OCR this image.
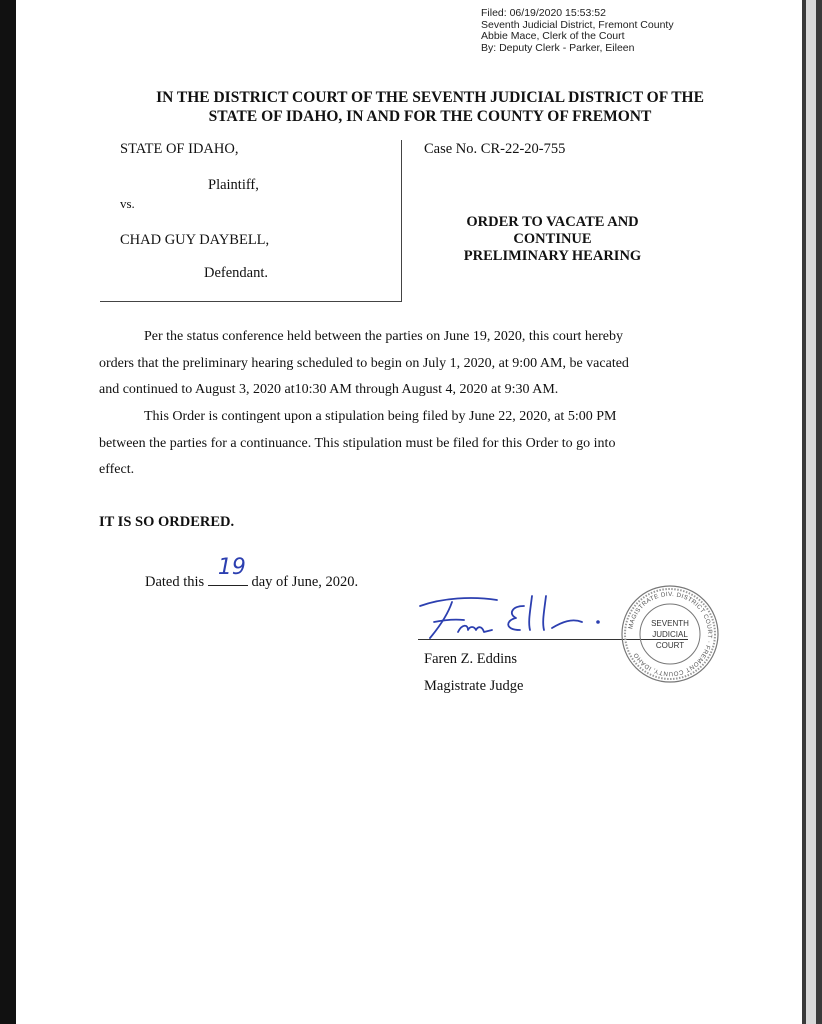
Filed: 06/19/2020 15:53:52
Seventh Judicial District, Fremont County
Abbie Mace, Clerk of the Court
By: Deputy Clerk - Parker, Eileen
IN THE DISTRICT COURT OF THE SEVENTH JUDICIAL DISTRICT OF THE
STATE OF IDAHO, IN AND FOR THE COUNTY OF FREMONT
STATE OF IDAHO,
Plaintiff,
vs.
CHAD GUY DAYBELL,
Defendant.
Case No. CR-22-20-755
ORDER TO VACATE AND
CONTINUE
PRELIMINARY HEARING
Per the status conference held between the parties on June 19, 2020, this court hereby
orders that the preliminary hearing scheduled to begin on July 1, 2020, at 9:00 AM, be vacated
and continued to August 3, 2020 at10:30 AM through August 4, 2020 at 9:30 AM.
This Order is contingent upon a stipulation being filed by June 22, 2020, at 5:00 PM
between the parties for a continuance. This stipulation must be filed for this Order to go into
effect.
IT IS SO ORDERED.
Dated this
19
day of June, 2020.
Faren Z. Eddins
Magistrate Judge
MAGISTRATE DIV. DISTRICT COURT · FREMONT COUNTY, IDAHO
SEVENTH
JUDICIAL
COURT
